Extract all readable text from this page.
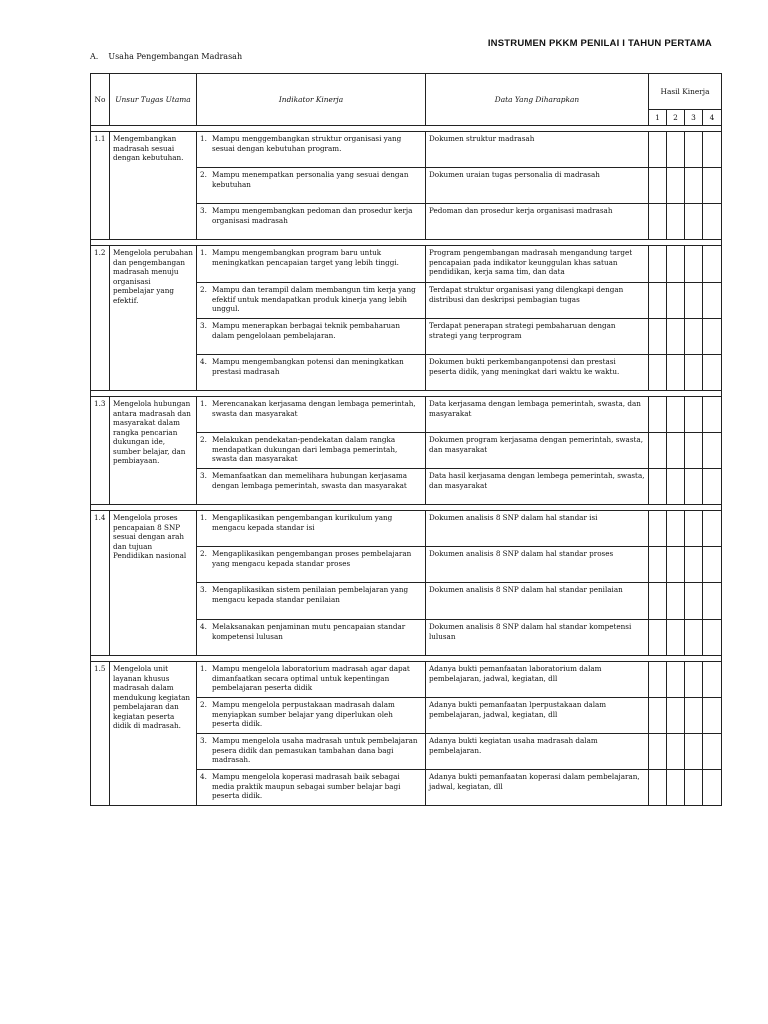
INSTRUMEN PKKM PENILAI I TAHUN PERTAMA
A. Usaha Pengembangan Madrasah
No	Unsur Tugas Utama	Indikator Kinerja	Data Yang Diharapkan	Hasil Kinerja			
				1	2	3	4

1.1	Mengembangkan madrasah sesuai dengan kebutuhan.	1. Mampu menggembangkan struktur organisasi yang sesuai dengan kebutuhan program.	Dokumen struktur madrasah				

		2. Mampu menempatkan personalia yang sesuai dengan kebutuhan	Dokumen uraian tugas personalia di madrasah				

		3. Mampu mengembangkan pedoman dan prosedur kerja organisasi madrasah	Pedoman dan prosedur kerja organisasi madrasah				

1.2	Mengelola perubahan dan pengembangan madrasah menuju organisasi pembelajar yang efektif.	1. Mampu mengembangkan program baru untuk meningkatkan pencapaian target yang lebih tinggi.	Program pengembangan madrasah mengandung target pencapaian pada indikator keunggulan khas satuan pendidikan, kerja sama tim, dan data				

		2. Mampu dan terampil dalam membangun tim kerja yang efektif untuk mendapatkan produk kinerja yang lebih unggul.	Terdapat struktur organisasi yang dilengkapi dengan distribusi dan deskripsi pembagian tugas				

		3. Mampu menerapkan berbagai teknik pembaharuan dalam pengelolaan pembelajaran.	Terdapat penerapan strategi pembaharuan dengan strategi yang terprogram				

		4. Mampu mengembangkan potensi dan meningkatkan prestasi madrasah	Dokumen bukti perkembanganpotensi dan prestasi peserta didik, yang meningkat dari waktu ke waktu.				

1.3	Mengelola hubungan antara madrasah dan masyarakat dalam rangka pencarian dukungan ide, sumber belajar, dan pembiayaan.	1. Merencanakan kerjasama dengan lembaga pemerintah, swasta dan masyarakat	Data kerjasama dengan lembaga pemerintah, swasta, dan masyarakat				

		2. Melakukan pendekatan-pendekatan dalam rangka mendapatkan dukungan dari lembaga pemerintah, swasta dan masyarakat	Dokumen program kerjasama dengan pemerintah, swasta, dan masyarakat				

		3. Memanfaatkan dan memelihara hubungan kerjasama dengan lembaga pemerintah, swasta dan masyarakat	Data hasil kerjasama dengan lembega pemerintah, swasta, dan masyarakat				

1.4	Mengelola proses pencapaian 8 SNP sesuai dengan arah dan tujuan Pendidikan nasional	1. Mengaplikasikan pengembangan kurikulum yang mengacu kepada standar isi	Dokumen analisis 8 SNP dalam hal standar isi				

		2. Mengaplikasikan pengembangan proses pembelajaran yang mengacu kepada standar proses	Dokumen analisis 8 SNP dalam hal standar proses				

		3. Mengaplikasikan sistem penilaian pembelajaran yang mengacu kepada standar penilaian	Dokumen analisis 8 SNP dalam hal standar penilaian				

		4. Melaksanakan penjaminan mutu pencapaian standar kompetensi lulusan	Dokumen analisis 8 SNP dalam hal standar kompetensi lulusan				

1.5	Mengelola unit layanan khusus madrasah dalam mendukung kegiatan pembelajaran dan kegiatan peserta didik di madrasah.	1. Mampu mengelola laboratorium madrasah agar dapat dimanfaatkan secara optimal untuk kepentingan pembelajaran peserta didik	Adanya bukti pemanfaatan laboratorium dalam pembelajaran, jadwal, kegiatan, dll				

		2. Mampu mengelola perpustakaan madrasah dalam menyiapkan sumber belajar yang diperlukan oleh peserta didik.	Adanya bukti pemanfaatan lperpustakaan dalam pembelajaran, jadwal, kegiatan, dll				

		3. Mampu mengelola usaha madrasah untuk pembelajaran pesera didik dan pemasukan tambahan dana bagi madrasah.	Adanya bukti kegiatan usaha madrasah dalam pembelajaran.				

		4. Mampu mengelola koperasi madrasah baik sebagai media praktik maupun sebagai sumber belajar bagi peserta didik.	Adanya bukti pemanfaatan koperasi dalam pembelajaran, jadwal, kegiatan, dll				
